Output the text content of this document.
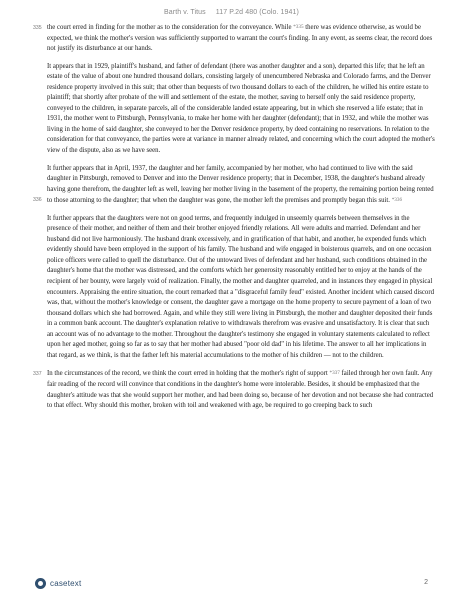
Barth v. Titus 117 P.2d 480 (Colo. 1941)

335 the court erred in finding for the mother as to the consideration for the conveyance. While *335 there was evidence otherwise, as would be expected, we think the mother's version was sufficiently supported to warrant the court's finding. In any event, as seems clear, the record does not justify its disturbance at our hands.

It appears that in 1929, plaintiff's husband, and father of defendant (there was another daughter and a son), departed this life; that he left an estate of the value of about one hundred thousand dollars, consisting largely of unencumbered Nebraska and Colorado farms, and the Denver residence property involved in this suit; that other than bequests of two thousand dollars to each of the children, he willed his entire estate to plaintiff; that shortly after probate of the will and settlement of the estate, the mother, saving to herself only the said residence property, conveyed to the children, in separate parcels, all of the considerable landed estate appearing, but in which she reserved a life estate; that in 1931, the mother went to Pittsburgh, Pennsylvania, to make her home with her daughter (defendant); that in 1932, and while the mother was living in the home of said daughter, she conveyed to her the Denver residence property, by deed containing no reservations. In relation to the consideration for that conveyance, the parties were at variance in manner already related, and concerning which the court adopted the mother's view of the dispute, also as we have seen.

It further appears that in April, 1937, the daughter and her family, accompanied by her mother, who had continued to live with the said daughter in Pittsburgh, removed to Denver and into the Denver residence property; that in December, 1938, the daughter's husband already having gone therefrom, the daughter left as well, leaving her mother living in the basement of the property, the remaining portion being rented to those attorning to the daughter; that when the daughter was gone, the mother left the premises and promptly began this suit. *336
336

It further appears that the daughters were not on good terms, and frequently indulged in unseemly quarrels between themselves in the presence of their mother, and neither of them and their brother enjoyed friendly relations. All were adults and married. Defendant and her husband did not live harmoniously. The husband drank excessively, and in gratification of that habit, and another, he expended funds which evidently should have been employed in the support of his family. The husband and wife engaged in boisterous quarrels, and on one occasion police officers were called to quell the disturbance. Out of the untoward lives of defendant and her husband, such conditions obtained in the daughter's home that the mother was distressed, and the comforts which her generosity reasonably entitled her to enjoy at the hands of the recipient of her bounty, were largely void of realization. Finally, the mother and daughter quarreled, and in instances they engaged in physical encounters. Appraising the entire situation, the court remarked that a "disgraceful family feud" existed. Another incident which caused discord was, that, without the mother's knowledge or consent, the daughter gave a mortgage on the home property to secure payment of a loan of two thousand dollars which she had borrowed. Again, and while they still were living in Pittsburgh, the mother and daughter deposited their funds in a common bank account. The daughter's explanation relative to withdrawals therefrom was evasive and unsatisfactory. It is clear that such an account was of no advantage to the mother. Throughout the daughter's testimony she engaged in voluntary statements calculated to reflect upon her aged mother, going so far as to say that her mother had abused "poor old dad" in his lifetime. The answer to all her implications in that regard, as we think, is that the father left his material accumulations to the mother of his children — not to the children.

337 In the circumstances of the record, we think the court erred in holding that the mother's right of support *337 failed through her own fault. Any fair reading of the record will convince that conditions in the daughter's home were intolerable. Besides, it should be emphasized that the daughter's attitude was that she would support her mother, and had been doing so, because of her devotion and not because she had contracted to that effect. Why should this mother, broken with toil and weakened with age, be required to go creeping back to such

casetext	2
